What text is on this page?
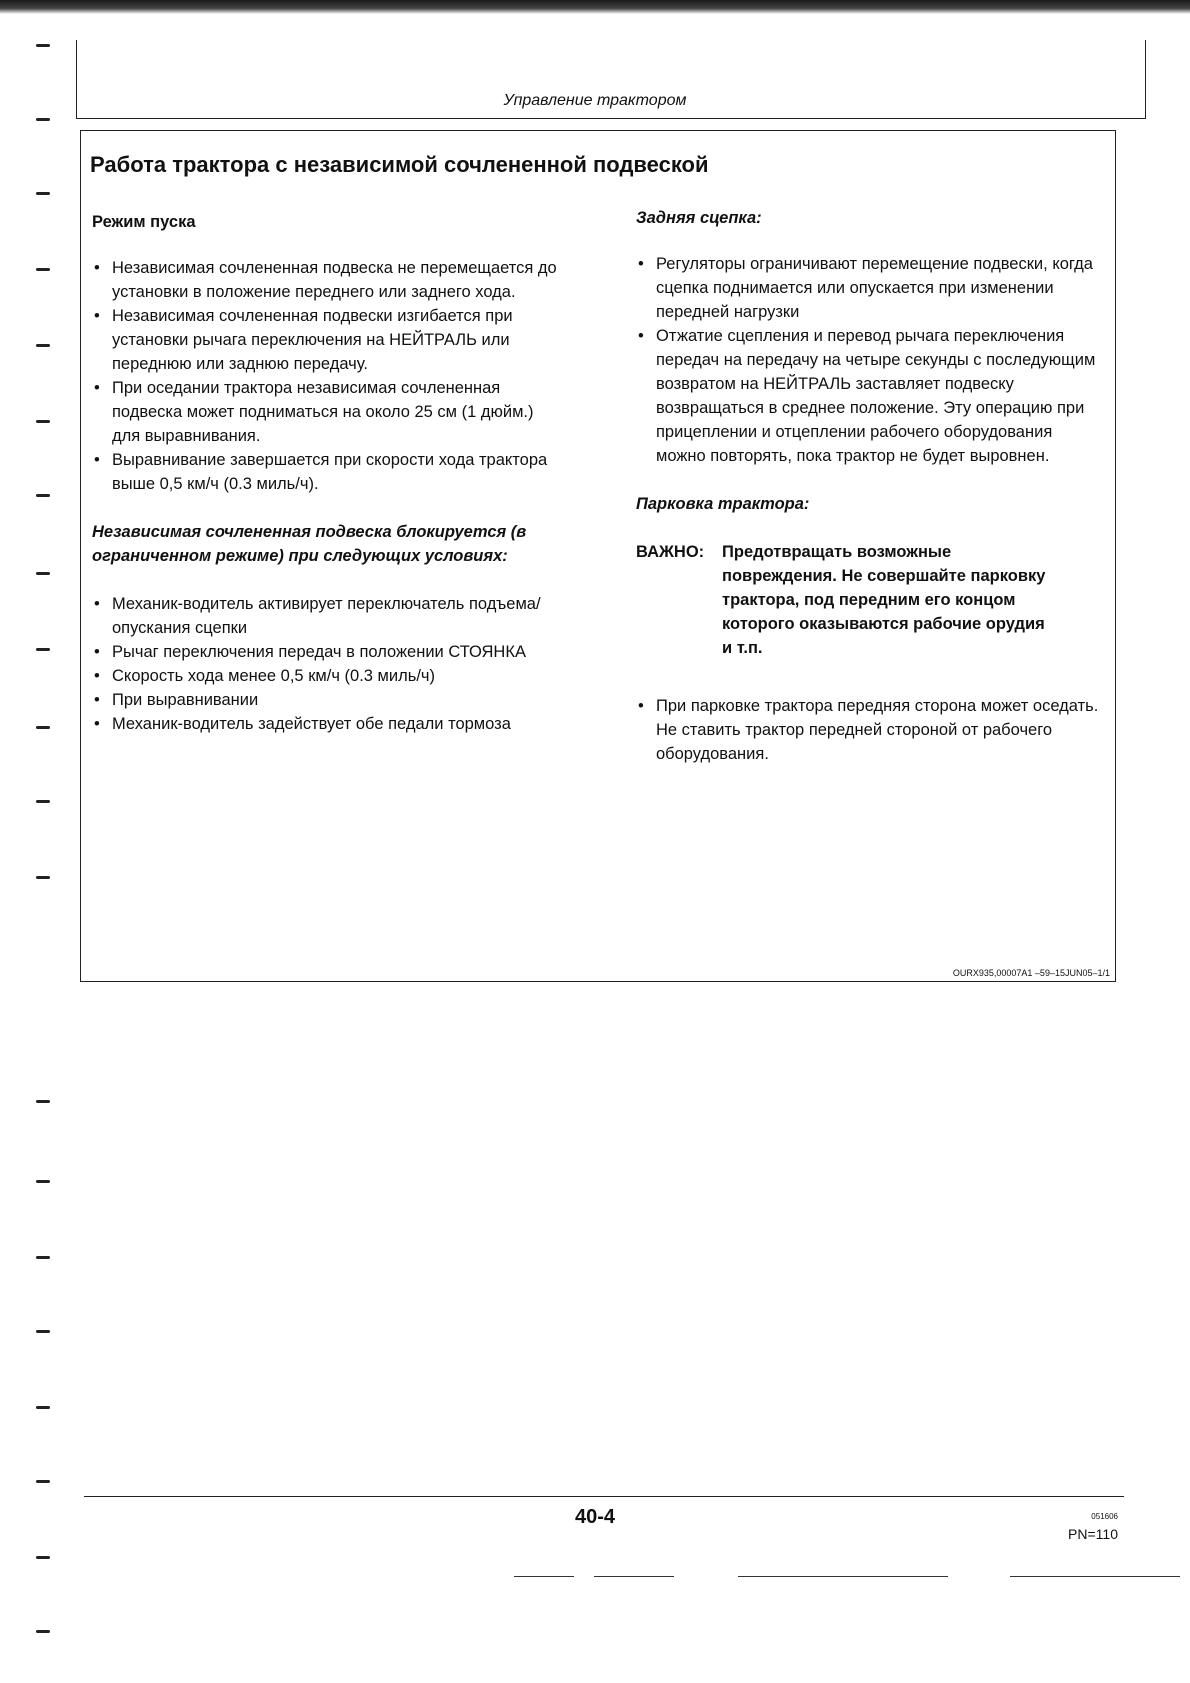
Управление трактором
Работа трактора с независимой сочлененной подвеской
Режим пуска
• Независимая сочлененная подвеска не перемещается до установки в положение переднего или заднего хода.
• Независимая сочлененная подвески изгибается при установки рычага переключения на НЕЙТРАЛЬ или переднюю или заднюю передачу.
• При оседании трактора независимая сочлененная подвеска может подниматься на около 25 см (1 дюйм.) для выравнивания.
• Выравнивание завершается при скорости хода трактора выше 0,5 км/ч (0.3 миль/ч).
Независимая сочлененная подвеска блокируется (в ограниченном режиме) при следующих условиях:
• Механик-водитель активирует переключатель подъема/опускания сцепки
• Рычаг переключения передач в положении СТОЯНКА
• Скорость хода менее 0,5 км/ч (0.3 миль/ч)
• При выравнивании
• Механик-водитель задействует обе педали тормоза
Задняя сцепка:
• Регуляторы ограничивают перемещение подвески, когда сцепка поднимается или опускается при изменении передней нагрузки
• Отжатие сцепления и перевод рычага переключения передач на передачу на четыре секунды с последующим возвратом на НЕЙТРАЛЬ заставляет подвеску возвращаться в среднее положение. Эту операцию при прицеплении и отцеплении рабочего оборудования можно повторять, пока трактор не будет выровнен.
Парковка трактора:
ВАЖНО:	Предотвращать возможные повреждения. Не совершайте парковку трактора, под передним его концом которого оказываются рабочие орудия и т.п.
• При парковке трактора передняя сторона может оседать. Не ставить трактор передней стороной от рабочего оборудования.
OURX935,00007A1 –59–15JUN05–1/1
40-4	051606
PN=110
